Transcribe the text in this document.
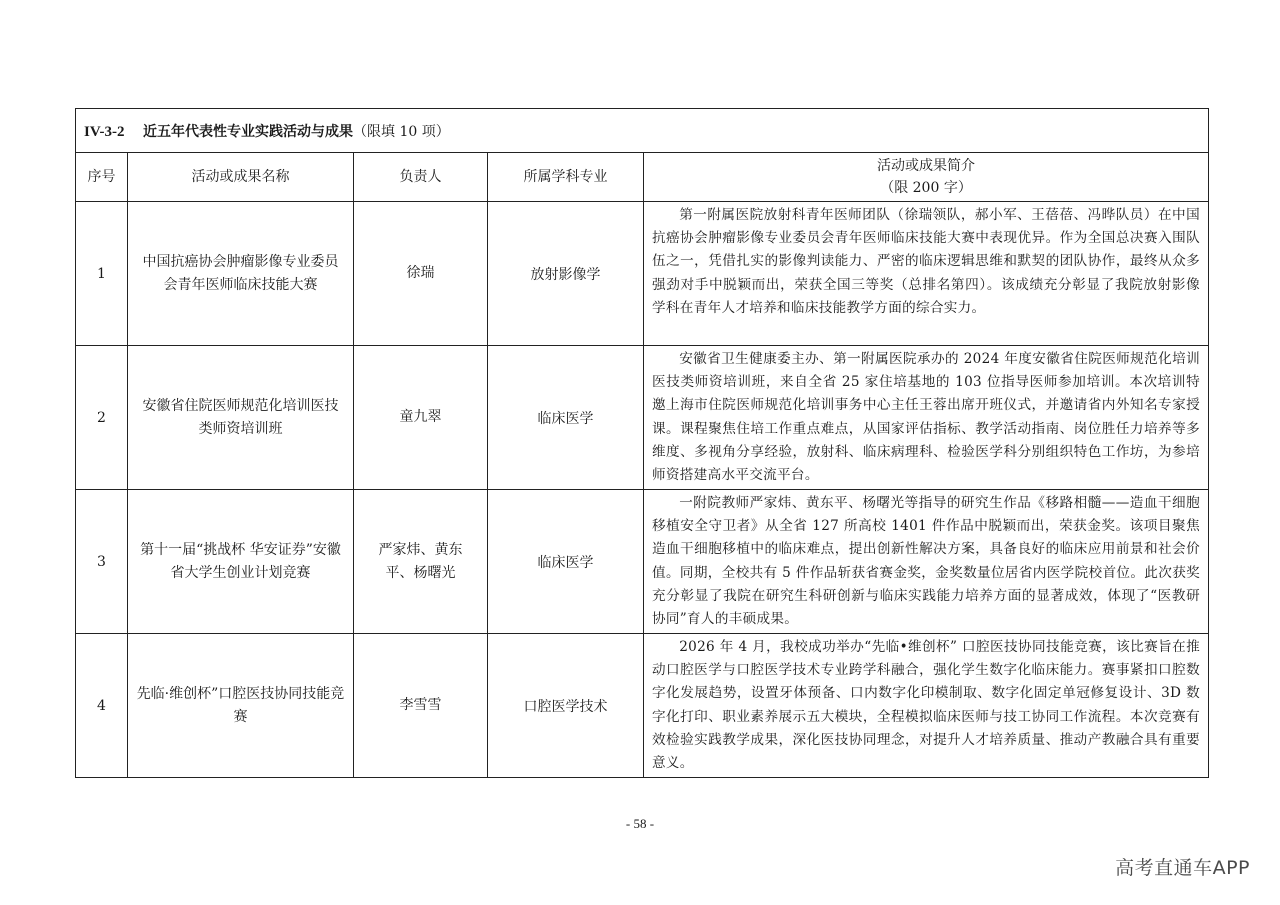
IV-3-2 近五年代表性专业实践活动与成果（限填 10 项）				
序号	活动或成果名称	负责人	所属学科专业	活动或成果简介
（限 200 字）

1	中国抗癌协会肿瘤影像专业委员会青年医师临床技能大赛	徐瑞	放射影像学	第一附属医院放射科青年医师团队（徐瑞领队，郝小军、王蓓蓓、冯晔队员）在中国抗癌协会肿瘤影像专业委员会青年医师临床技能大赛中表现优异。作为全国总决赛入围队伍之一，凭借扎实的影像判读能力、严密的临床逻辑思维和默契的团队协作，最终从众多强劲对手中脱颖而出，荣获全国三等奖（总排名第四）。该成绩充分彰显了我院放射影像学科在青年人才培养和临床技能教学方面的综合实力。

2	安徽省住院医师规范化培训医技类师资培训班	童九翠	临床医学	安徽省卫生健康委主办、第一附属医院承办的 2024 年度安徽省住院医师规范化培训医技类师资培训班，来自全省 25 家住培基地的 103 位指导医师参加培训。本次培训特邀上海市住院医师规范化培训事务中心主任王蓉出席开班仪式，并邀请省内外知名专家授课。课程聚焦住培工作重点难点，从国家评估指标、教学活动指南、岗位胜任力培养等多维度、多视角分享经验，放射科、临床病理科、检验医学科分别组织特色工作坊，为参培师资搭建高水平交流平台。

3	第十一届“挑战杯 华安证券”安徽省大学生创业计划竞赛	严家炜、黄东平、杨曙光	临床医学	一附院教师严家炜、黄东平、杨曙光等指导的研究生作品《移路相髓——造血干细胞移植安全守卫者》从全省 127 所高校 1401 件作品中脱颖而出，荣获金奖。该项目聚焦造血干细胞移植中的临床难点，提出创新性解决方案，具备良好的临床应用前景和社会价值。同期，全校共有 5 件作品斩获省赛金奖，金奖数量位居省内医学院校首位。此次获奖充分彰显了我院在研究生科研创新与临床实践能力培养方面的显著成效，体现了“医教研协同”育人的丰硕成果。

4	先临·维创杯”口腔医技协同技能竞赛	李雪雪	口腔医学技术	2026 年 4 月，我校成功举办“先临•维创杯” 口腔医技协同技能竞赛，该比赛旨在推动口腔医学与口腔医学技术专业跨学科融合，强化学生数字化临床能力。赛事紧扣口腔数字化发展趋势，设置牙体预备、口内数字化印模制取、数字化固定单冠修复设计、3D 数字化打印、职业素养展示五大模块，全程模拟临床医师与技工协同工作流程。本次竞赛有效检验实践教学成果，深化医技协同理念，对提升人才培养质量、推动产教融合具有重要意义。

- 58 -
高考直通车APP
